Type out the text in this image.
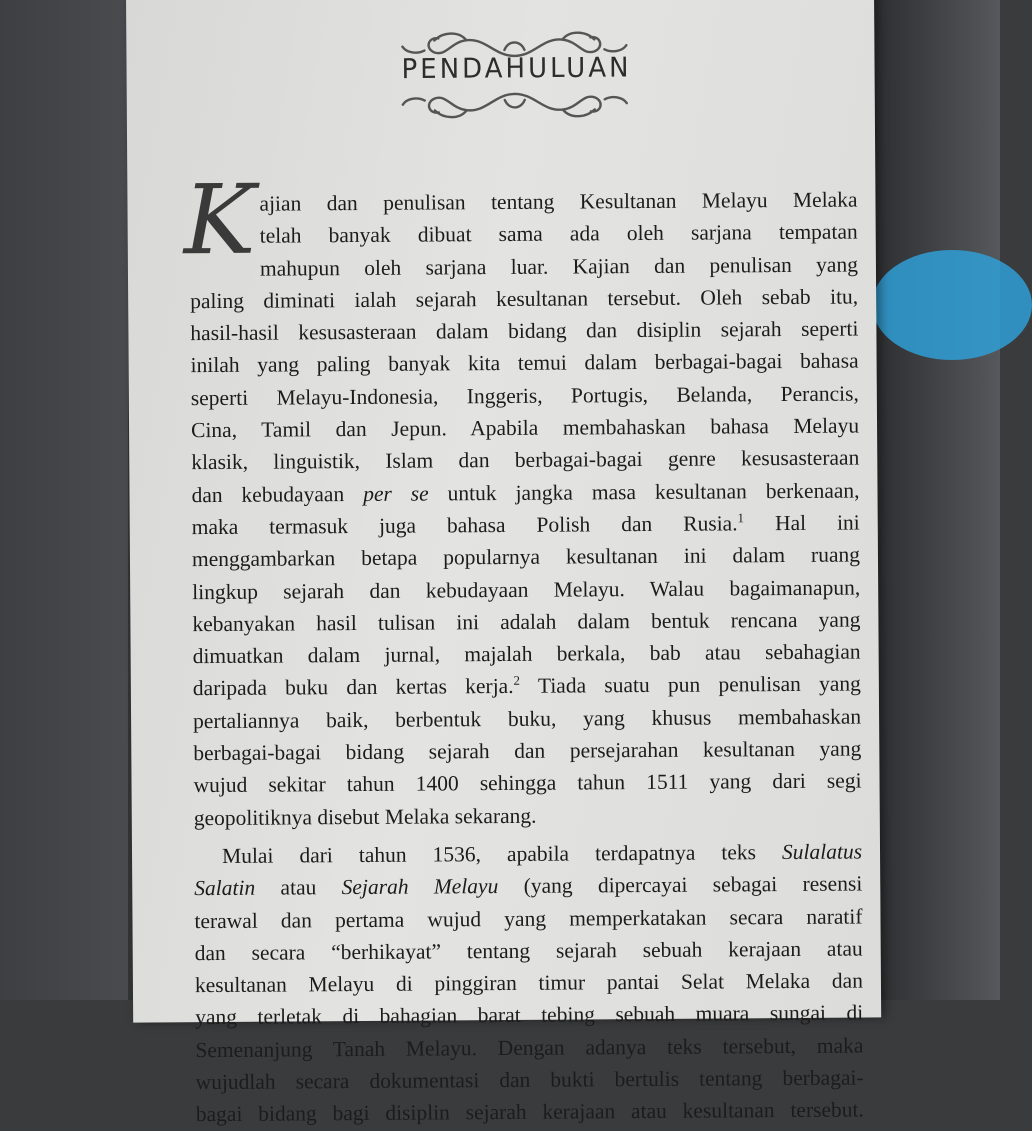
PENDAHULUAN
K ajian dan penulisan tentang Kesultanan Melayu Melaka
telah banyak dibuat sama ada oleh sarjana tempatan
mahupun oleh sarjana luar. Kajian dan penulisan yang
paling diminati ialah sejarah kesultanan tersebut. Oleh sebab itu,
hasil-hasil kesusasteraan dalam bidang dan disiplin sejarah seperti
inilah yang paling banyak kita temui dalam berbagai-bagai bahasa
seperti Melayu-Indonesia, Inggeris, Portugis, Belanda, Perancis,
Cina, Tamil dan Jepun. Apabila membahaskan bahasa Melayu
klasik, linguistik, Islam dan berbagai-bagai genre kesusasteraan
dan kebudayaan per se untuk jangka masa kesultanan berkenaan,
maka termasuk juga bahasa Polish dan Rusia.$^1$ Hal ini
menggambarkan betapa popularnya kesultanan ini dalam ruang
lingkup sejarah dan kebudayaan Melayu. Walau bagaimanapun,
kebanyakan hasil tulisan ini adalah dalam bentuk rencana yang
dimuatkan dalam jurnal, majalah berkala, bab atau sebahagian
daripada buku dan kertas kerja.$^2$ Tiada suatu pun penulisan yang
pertaliannya baik, berbentuk buku, yang khusus membahaskan
berbagai-bagai bidang sejarah dan persejarahan kesultanan yang
wujud sekitar tahun 1400 sehingga tahun 1511 yang dari segi
geopolitiknya disebut Melaka sekarang.
Mulai dari tahun 1536, apabila terdapatnya teks Sulalatus
Salatin atau Sejarah Melayu (yang dipercayai sebagai resensi
terawal dan pertama wujud yang memperkatakan secara naratif
dan secara “berhikayat” tentang sejarah sebuah kerajaan atau
kesultanan Melayu di pinggiran timur pantai Selat Melaka dan
yang terletak di bahagian barat tebing sebuah muara sungai di
Semenanjung Tanah Melayu. Dengan adanya teks tersebut, maka
wujudlah secara dokumentasi dan bukti bertulis tentang berbagai-
bagai bidang bagi disiplin sejarah kerajaan atau kesultanan tersebut.
